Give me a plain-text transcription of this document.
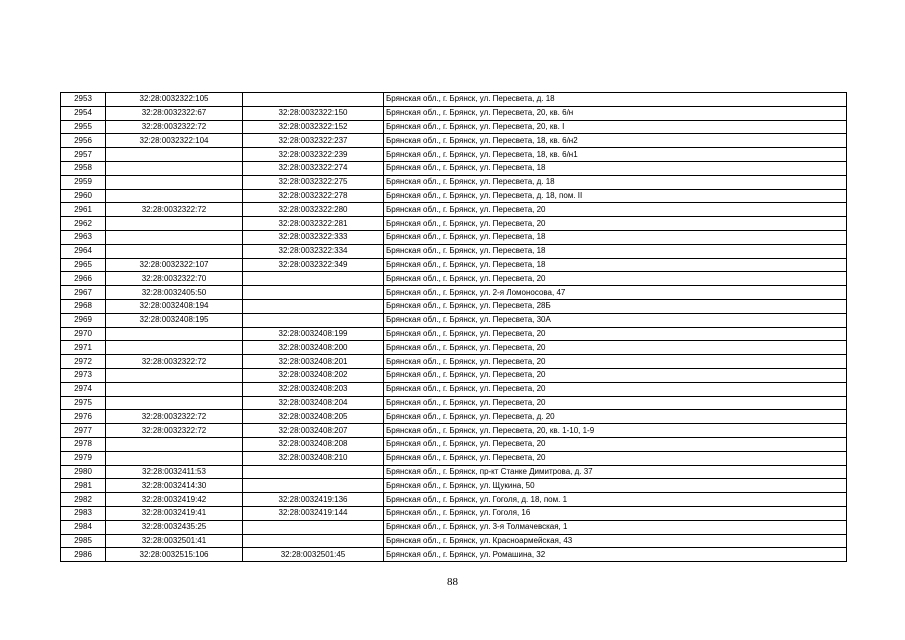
2953	32:28:0032322:105		Брянская обл., г. Брянск, ул. Пересвета, д. 18
2954	32:28:0032322:67	32:28:0032322:150	Брянская обл., г. Брянск, ул. Пересвета, 20, кв. 6/н
2955	32:28:0032322:72	32:28:0032322:152	Брянская обл., г. Брянск, ул. Пересвета, 20, кв. I
2956	32:28:0032322:104	32:28:0032322:237	Брянская обл., г. Брянск, ул. Пересвета, 18, кв. 6/н2
2957		32:28:0032322:239	Брянская обл., г. Брянск, ул. Пересвета, 18, кв. 6/н1
2958		32:28:0032322:274	Брянская обл., г. Брянск, ул. Пересвета, 18
2959		32:28:0032322:275	Брянская обл., г. Брянск, ул. Пересвета, д. 18
2960		32:28:0032322:278	Брянская обл., г. Брянск, ул. Пересвета, д. 18, пом. II
2961	32:28:0032322:72	32:28:0032322:280	Брянская обл., г. Брянск, ул. Пересвета, 20
2962		32:28:0032322:281	Брянская обл., г. Брянск, ул. Пересвета, 20
2963		32:28:0032322:333	Брянская обл., г. Брянск, ул. Пересвета, 18
2964		32:28:0032322:334	Брянская обл., г. Брянск, ул. Пересвета, 18
2965	32:28:0032322:107	32:28:0032322:349	Брянская обл., г. Брянск, ул. Пересвета, 18
2966	32:28:0032322:70		Брянская обл., г. Брянск, ул. Пересвета, 20
2967	32:28:0032405:50		Брянская обл., г. Брянск, ул. 2-я Ломоносова, 47
2968	32:28:0032408:194		Брянская обл., г. Брянск, ул. Пересвета, 28Б
2969	32:28:0032408:195		Брянская обл., г. Брянск, ул. Пересвета, 30А
2970		32:28:0032408:199	Брянская обл., г. Брянск, ул. Пересвета, 20
2971		32:28:0032408:200	Брянская обл., г. Брянск, ул. Пересвета, 20
2972	32:28:0032322:72	32:28:0032408:201	Брянская обл., г. Брянск, ул. Пересвета, 20
2973		32:28:0032408:202	Брянская обл., г. Брянск, ул. Пересвета, 20
2974		32:28:0032408:203	Брянская обл., г. Брянск, ул. Пересвета, 20
2975		32:28:0032408:204	Брянская обл., г. Брянск, ул. Пересвета, 20
2976	32:28:0032322:72	32:28:0032408:205	Брянская обл., г. Брянск, ул. Пересвета, д. 20
2977	32:28:0032322:72	32:28:0032408:207	Брянская обл., г. Брянск, ул. Пересвета, 20, кв. 1-10, 1-9
2978		32:28:0032408:208	Брянская обл., г. Брянск, ул. Пересвета, 20
2979		32:28:0032408:210	Брянская обл., г. Брянск, ул. Пересвета, 20
2980	32:28:0032411:53		Брянская обл., г. Брянск, пр-кт Станке Димитрова, д. 37
2981	32:28:0032414:30		Брянская обл., г. Брянск, ул. Щукина, 50
2982	32:28:0032419:42	32:28:0032419:136	Брянская обл., г. Брянск, ул. Гоголя, д. 18, пом. 1
2983	32:28:0032419:41	32:28:0032419:144	Брянская обл., г. Брянск, ул. Гоголя, 16
2984	32:28:0032435:25		Брянская обл., г. Брянск, ул. 3-я Толмачевская, 1
2985	32:28:0032501:41		Брянская обл., г. Брянск, ул. Красноармейская, 43
2986	32:28:0032515:106	32:28:0032501:45	Брянская обл., г. Брянск, ул. Ромашина, 32
88
